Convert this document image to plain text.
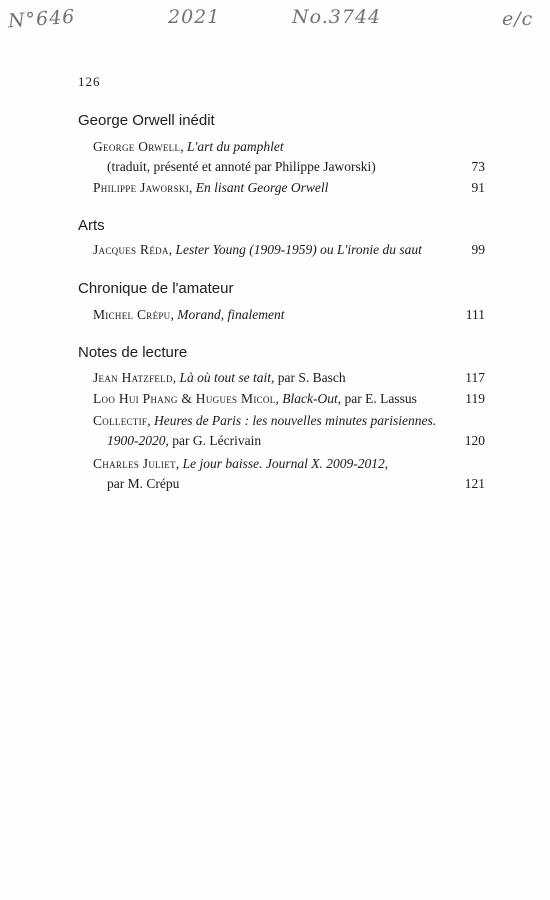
N°646	2021	No.3744	e/c
126
George Orwell inédit
George Orwell, L'art du pamphlet
(traduit, présenté et annoté par Philippe Jaworski)	73
Philippe Jaworski, En lisant George Orwell	91
Arts
Jacques Réda, Lester Young (1909-1959) ou L'ironie du saut	99
Chronique de l'amateur
Michel Crépu, Morand, finalement	111
Notes de lecture
Jean Hatzfeld, Là où tout se tait, par S. Basch	117
Loo Hui Phang & Hugues Micol, Black-Out, par E. Lassus	119
Collectif, Heures de Paris : les nouvelles minutes parisiennes.
1900-2020, par G. Lécrivain	120
Charles Juliet, Le jour baisse. Journal X. 2009-2012,
par M. Crépu	121
